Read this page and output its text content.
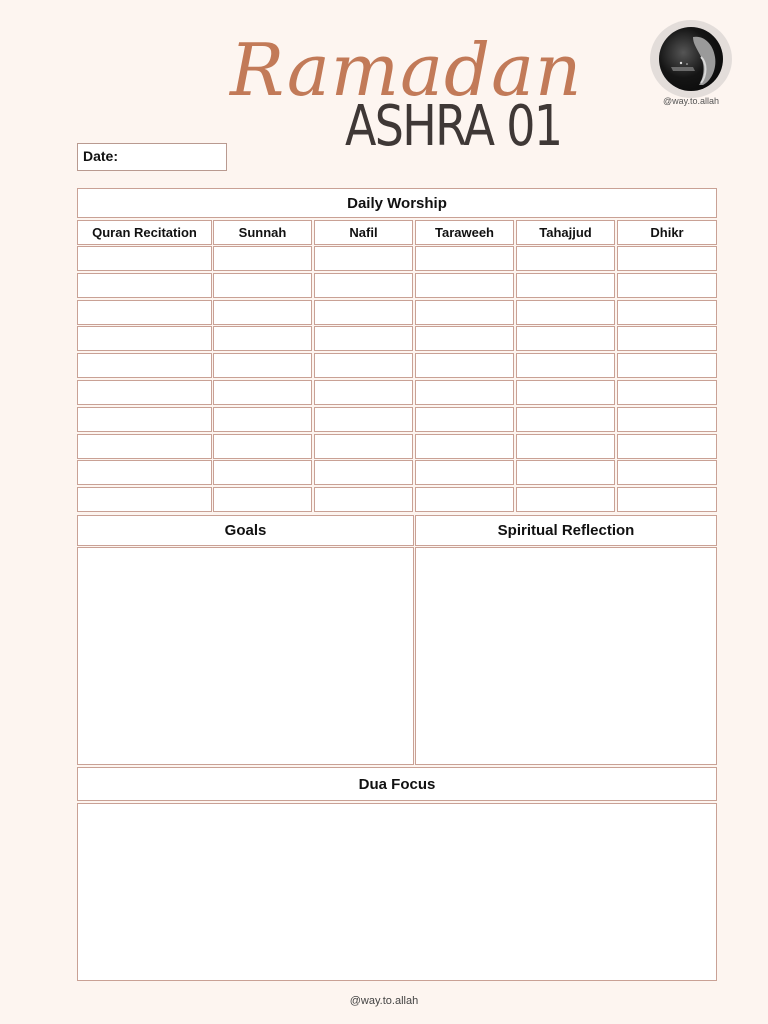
Ramadan
ASHRA 01	@way.to.allah
Date:
Daily Worship
Quran Recitation	Sunnah	Nafil	Taraweeh	Tahajjud	Dhikr
Goals	Spiritual Reflection
Dua Focus
@way.to.allah
